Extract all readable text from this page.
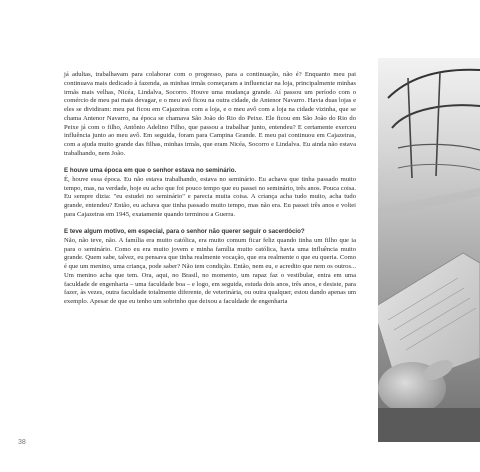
já adultas, trabalhavam para colaborar com o progresso, para a continuação, não é? Enquanto meu pai continuava mais dedicado à fazenda, as minhas irmãs começaram a influenciar na loja, principalmente minhas irmãs mais velhas, Nicéa, Lindalva, Socorro. Houve uma mudança grande. Aí passou um período com o comércio de meu pai mais devagar, e o meu avô ficou na outra cidade, de Antenor Navarro. Havia duas lojas e eles se dividiram: meu pai ficou em Cajazeiras com a loja, e o meu avô com a loja na cidade vizinha, que se chama Antenor Navarro, na época se chamava São João do Rio do Peixe. Ele ficou em São João do Rio do Peixe já com o filho, Antônio Adelino Filho, que passou a trabalhar junto, entendeu? E certamente exerceu influência junto ao meu avô. Em seguida, foram para Campina Grande. E meu pai continuou em Cajazeiras, com a ajuda muito grande das filhas, minhas irmãs, que eram Nicéa, Socorro e Lindalva. Eu ainda não estava trabalhando, nem João.

E houve uma época em que o senhor estava no seminário.

É, houve essa época. Eu não estava trabalhando, estava no seminário. Eu achava que tinha passado muito tempo, mas, na verdade, hoje eu acho que foi pouco tempo que eu passei no seminário, três anos. Pouca coisa. Eu sempre dizia: "eu estudei no seminário" e parecia muita coisa. A criança acha tudo muito, acha tudo grande, entendeu? Então, eu achava que tinha passado muito tempo, mas não era. Eu passei três anos e voltei para Cajazeiras em 1945, exatamente quando terminou a Guerra.

E teve algum motivo, em especial, para o senhor não querer seguir o sacerdócio?

Não, não teve, não. A família era muito católica, era muito comum ficar feliz quando tinha um filho que ia para o seminário. Como eu era muito jovem e minha família muito católica, havia uma influência muito grande. Quem sabe, talvez, eu pensava que tinha realmente vocação, que era realmente o que eu queria. Como é que um menino, uma criança, pode saber? Não tem condição. Então, nem eu, e acredito que nem os outros... Um menino acha que tem. Ora, aqui, no Brasil, no momento, um rapaz faz o vestibular, entra em uma faculdade de engenharia – uma faculdade boa – e logo, em seguida, estuda dois anos, três anos, e desiste, para fazer, às vezes, outra faculdade totalmente diferente, de veterinária, ou outra qualquer, estou dando apenas um exemplo. Apesar de que eu tenho um sobrinho que deixou a faculdade de engenharia

38
